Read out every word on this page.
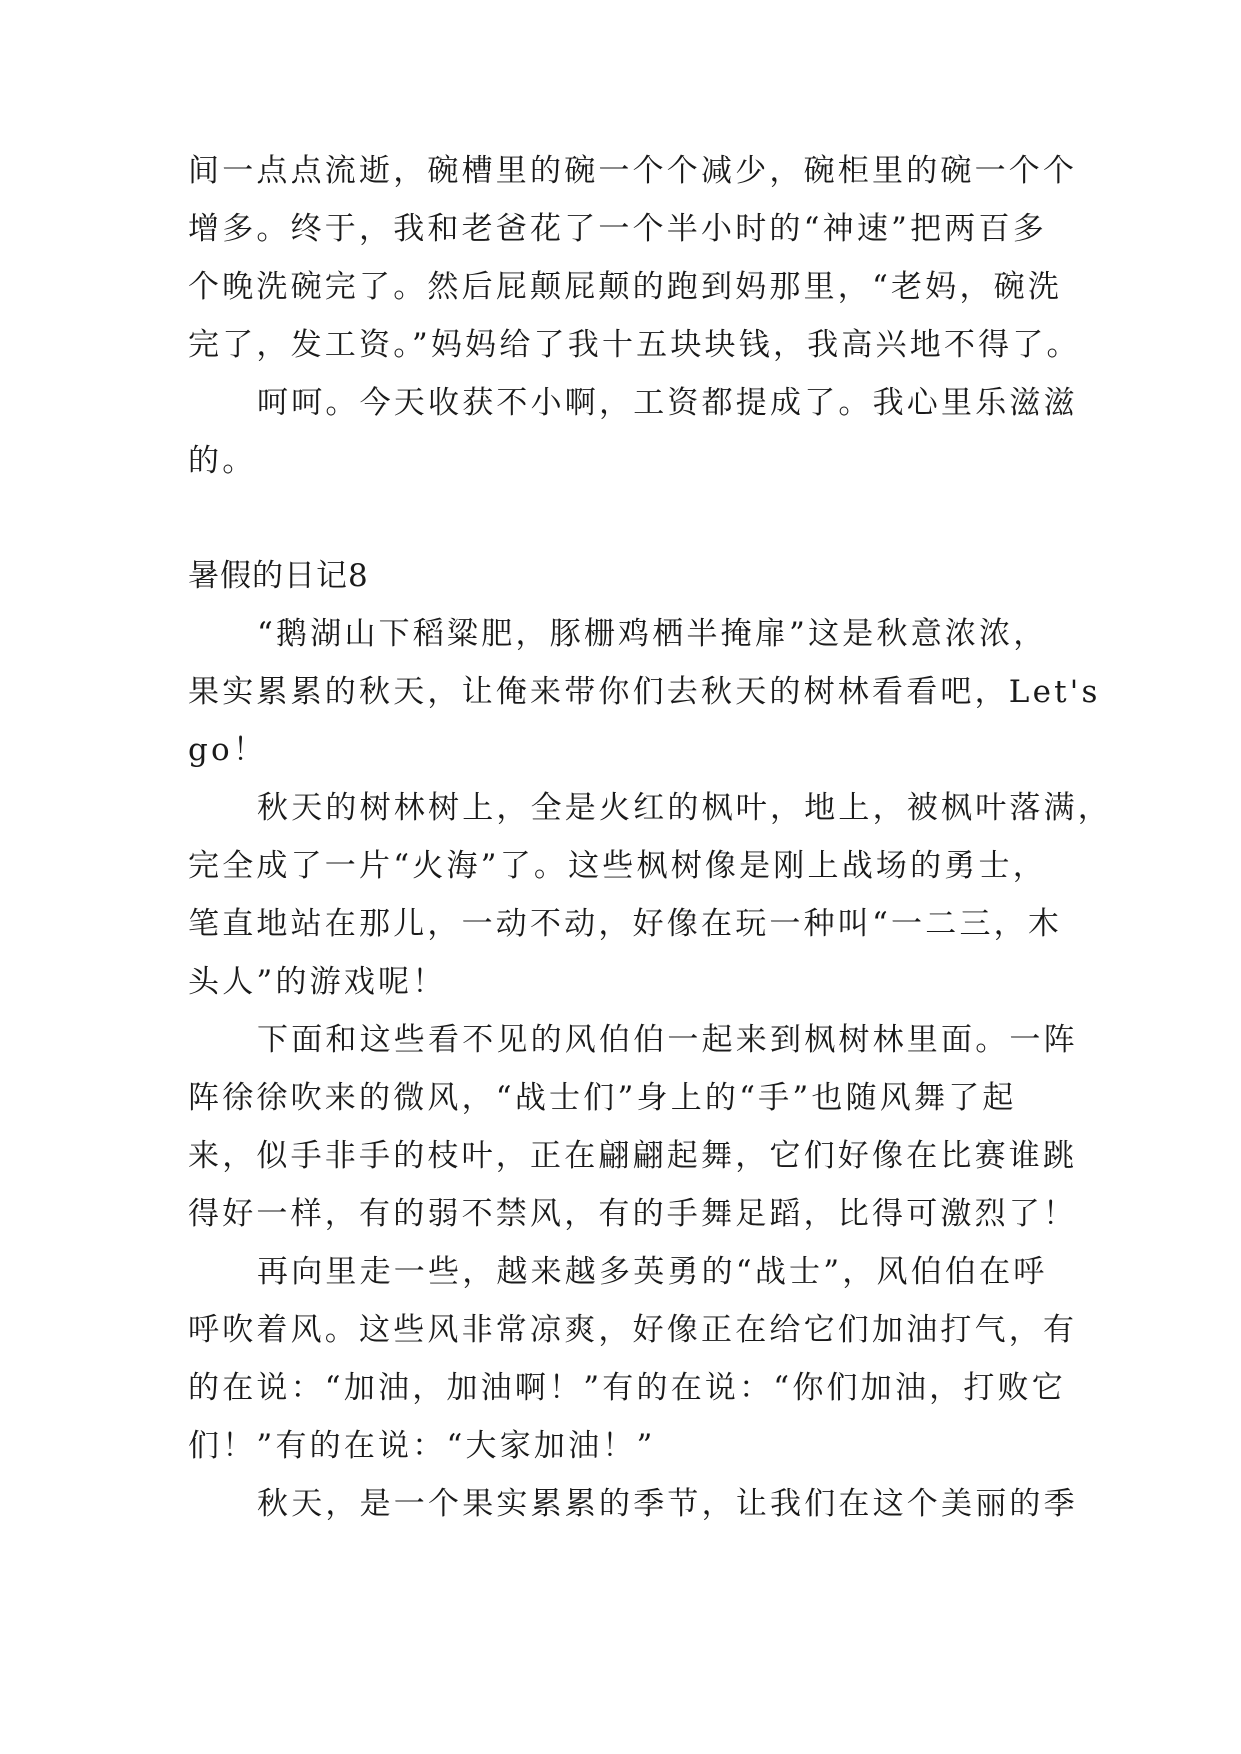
间一点点流逝，碗槽里的碗一个个减少，碗柜里的碗一个个
增多。终于，我和老爸花了一个半小时的“神速”把两百多
个晚洗碗完了。然后屁颠屁颠的跑到妈那里，“老妈，碗洗
完了，发工资。”妈妈给了我十五块块钱，我高兴地不得了。
呵呵。今天收获不小啊，工资都提成了。我心里乐滋滋
的。
暑假的日记8
“鹅湖山下稻粱肥，豚栅鸡栖半掩扉”这是秋意浓浓，
果实累累的秋天，让俺来带你们去秋天的树林看看吧，Let's
go！
秋天的树林树上，全是火红的枫叶，地上，被枫叶落满，
完全成了一片“火海”了。这些枫树像是刚上战场的勇士，
笔直地站在那儿，一动不动，好像在玩一种叫“一二三，木
头人”的游戏呢！
下面和这些看不见的风伯伯一起来到枫树林里面。一阵
阵徐徐吹来的微风，“战士们”身上的“手”也随风舞了起
来，似手非手的枝叶，正在翩翩起舞，它们好像在比赛谁跳
得好一样，有的弱不禁风，有的手舞足蹈，比得可激烈了！
再向里走一些，越来越多英勇的“战士”，风伯伯在呼
呼吹着风。这些风非常凉爽，好像正在给它们加油打气，有
的在说：“加油，加油啊！”有的在说：“你们加油，打败它
们！”有的在说：“大家加油！”
秋天，是一个果实累累的季节，让我们在这个美丽的季
